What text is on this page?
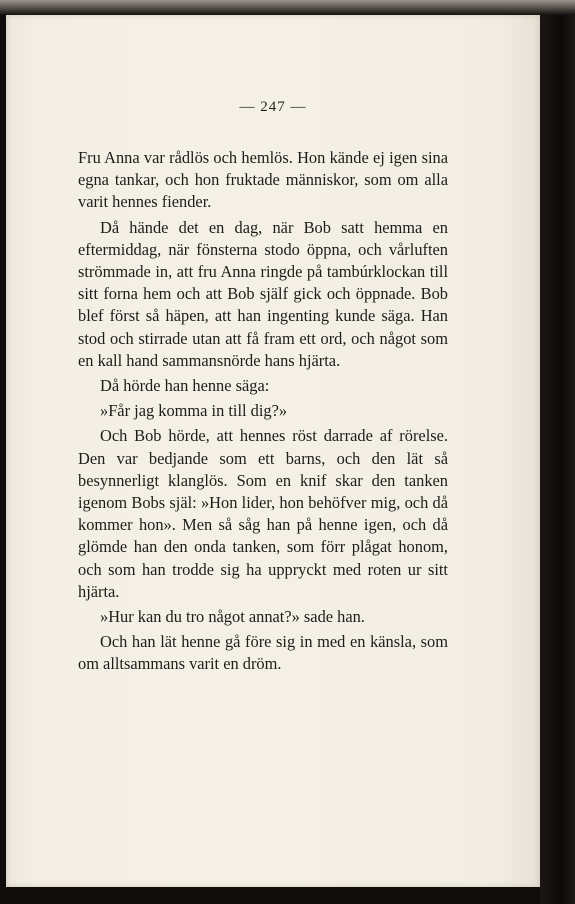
— 247 —

Fru Anna var rådlös och hemlös. Hon kände ej igen sina egna tankar, och hon fruktade människor, som om alla varit hennes fiender.

Då hände det en dag, när Bob satt hemma en eftermiddag, när fönsterna stodo öppna, och vårluften strömmade in, att fru Anna ringde på tambúrklockan till sitt forna hem och att Bob själf gick och öppnade. Bob blef först så häpen, att han ingenting kunde säga. Han stod och stirrade utan att få fram ett ord, och något som en kall hand sammansnörde hans hjärta.

Då hörde han henne säga:

»Får jag komma in till dig?»

Och Bob hörde, att hennes röst darrade af rörelse. Den var bedjande som ett barns, och den lät så besynnerligt klanglös. Som en knif skar den tanken igenom Bobs själ: »Hon lider, hon behöfver mig, och då kommer hon». Men så såg han på henne igen, och då glömde han den onda tanken, som förr plågat honom, och som han trodde sig ha uppryckt med roten ur sitt hjärta.

»Hur kan du tro något annat?» sade han.

Och han lät henne gå före sig in med en känsla, som om alltsammans varit en dröm.
